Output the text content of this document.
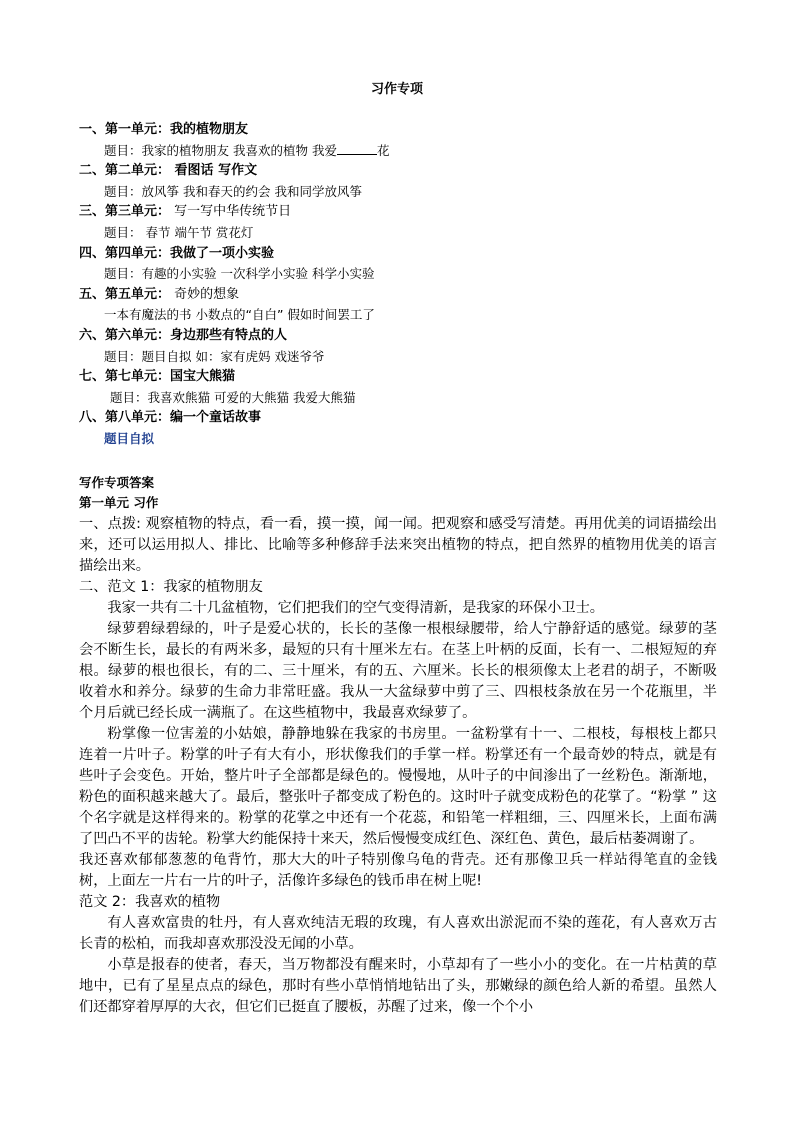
习作专项
一、第一单元：我的植物朋友
题目：我家的植物朋友 我喜欢的植物 我爱	花
二、第二单元： 看图话 写作文
题目：放风筝 我和春天的约会 我和同学放风筝
三、第三单元： 写一写中华传统节日
题目： 春节 端午节 赏花灯
四、第四单元：我做了一项小实验
题目：有趣的小实验 一次科学小实验 科学小实验
五、第五单元： 奇妙的想象
一本有魔法的书 小数点的“自白” 假如时间罢工了
六、第六单元：身边那些有特点的人
题目：题目自拟 如：家有虎妈 戏迷爷爷
七、第七单元：国宝大熊猫
题目：我喜欢熊猫 可爱的大熊猫 我爱大熊猫
八、第八单元：编一个童话故事
题目自拟
写作专项答案
第一单元 习作

一、点拨: 观察植物的特点，看一看，摸一摸，闻一闻。把观察和感受写清楚。再用优美的词语描绘出来，还可以运用拟人、排比、比喻等多种修辞手法来突出植物的特点，把自然界的植物用优美的语言描绘出来。

二、范文 1：我家的植物朋友

我家一共有二十几盆植物，它们把我们的空气变得清新，是我家的环保小卫士。

绿萝碧绿碧绿的，叶子是爱心状的，长长的茎像一根根绿腰带，给人宁静舒适的感觉。绿萝的茎会不断生长，最长的有两米多，最短的只有十厘米左右。在茎上叶柄的反面，长有一、二根短短的弃根。绿萝的根也很长，有的二、三十厘米，有的五、六厘米。长长的根须像太上老君的胡子，不断吸收着水和养分。绿萝的生命力非常旺盛。我从一大盆绿萝中剪了三、四根枝条放在另一个花瓶里，半个月后就已经长成一满瓶了。在这些植物中，我最喜欢绿萝了。

粉掌像一位害羞的小姑娘，静静地躲在我家的书房里。一盆粉掌有十一、二根枝，每根枝上都只连着一片叶子。粉掌的叶子有大有小，形状像我们的手掌一样。粉掌还有一个最奇妙的特点，就是有些叶子会变色。开始，整片叶子全部都是绿色的。慢慢地，从叶子的中间渗出了一丝粉色。渐渐地，粉色的面积越来越大了。最后，整张叶子都变成了粉色的。这时叶子就变成粉色的花掌了。“粉掌 ” 这个名字就是这样得来的。粉掌的花掌之中还有一个花蕊，和铅笔一样粗细，三、四厘米长，上面布满了凹凸不平的齿轮。粉掌大约能保持十来天，然后慢慢变成红色、深红色、黄色，最后枯萎凋谢了。

我还喜欢郁郁葱葱的龟背竹，那大大的叶子特别像乌龟的背壳。还有那像卫兵一样站得笔直的金钱树，上面左一片右一片的叶子，活像许多绿色的钱币串在树上呢!

范文 2：我喜欢的植物

有人喜欢富贵的牡丹，有人喜欢纯洁无瑕的玫瑰，有人喜欢出淤泥而不染的莲花，有人喜欢万古长青的松柏，而我却喜欢那没没无闻的小草。

小草是报春的使者，春天，当万物都没有醒来时，小草却有了一些小小的变化。在一片枯黄的草地中，已有了星星点点的绿色，那时有些小草悄悄地钻出了头，那嫩绿的颜色给人新的希望。虽然人们还都穿着厚厚的大衣，但它们已挺直了腰板，苏醒了过来，像一个个小
